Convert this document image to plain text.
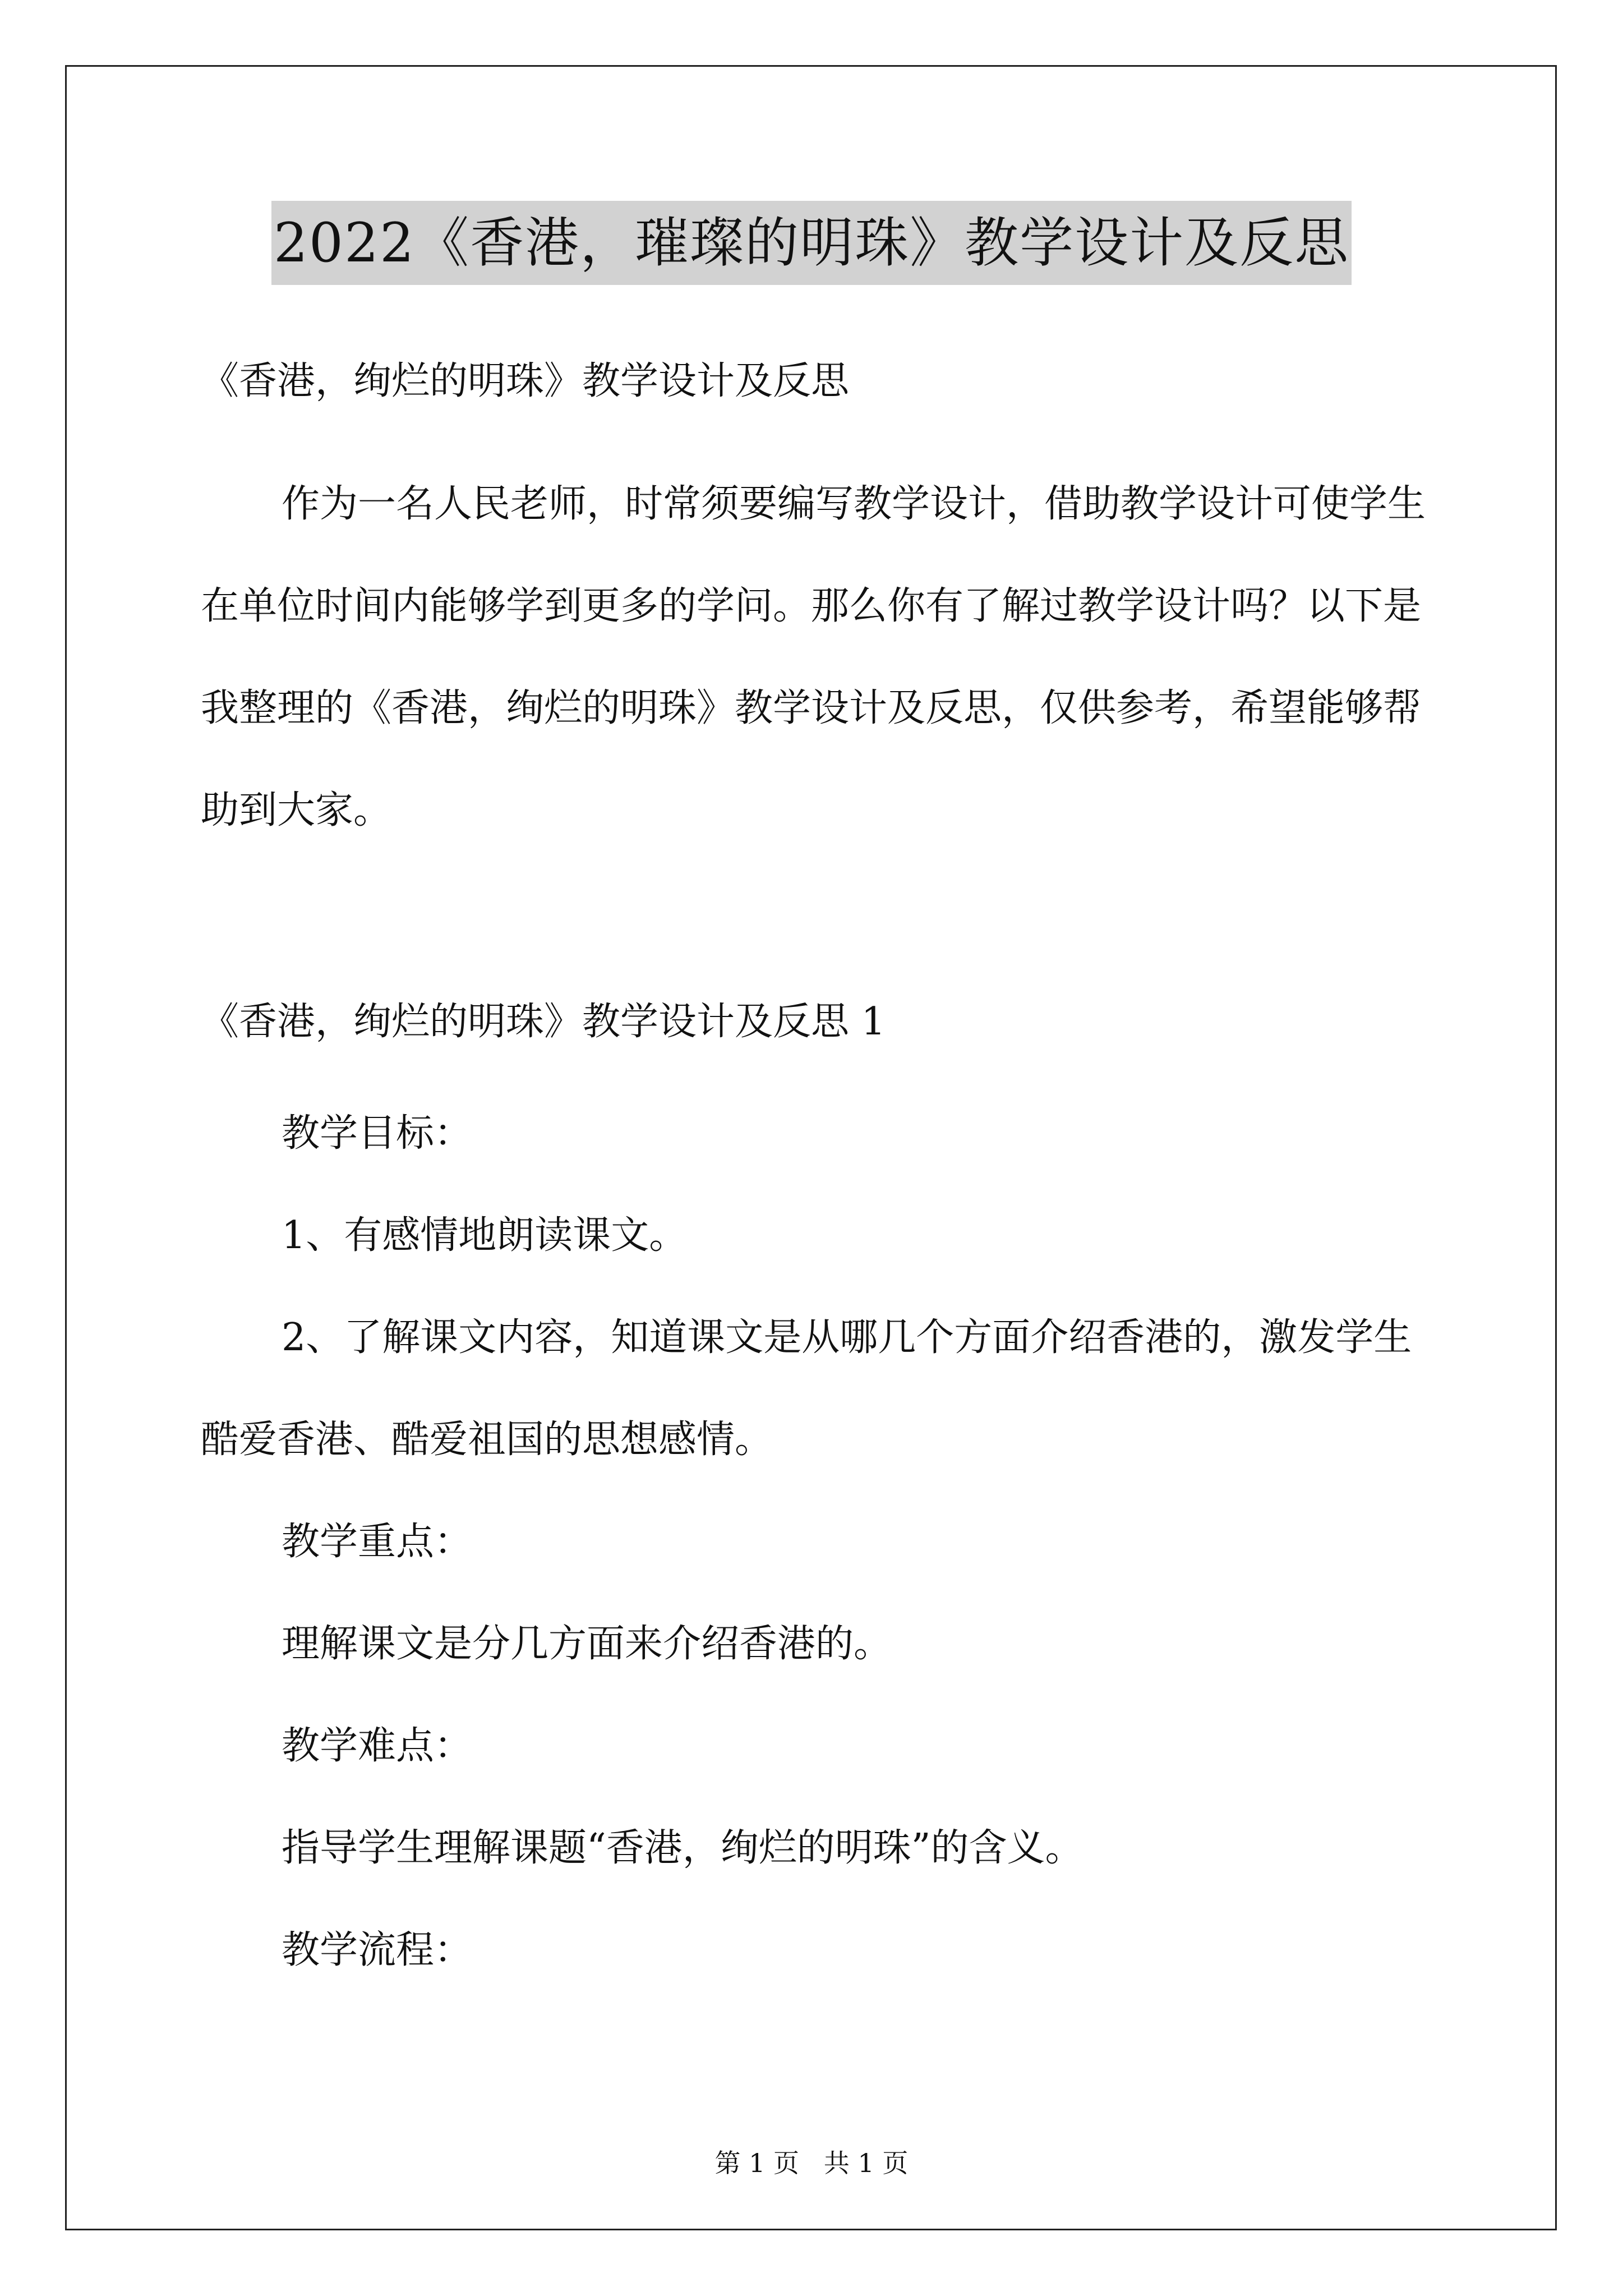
2022《香港，璀璨的明珠》教学设计及反思
《香港，绚烂的明珠》教学设计及反思

作为一名人民老师，时常须要编写教学设计，借助教学设计可使学生在单位时间内能够学到更多的学问。那么你有了解过教学设计吗？以下是我整理的《香港，绚烂的明珠》教学设计及反思，仅供参考，希望能够帮助到大家。

《香港，绚烂的明珠》教学设计及反思 1

教学目标：

1、有感情地朗读课文。

2、了解课文内容，知道课文是从哪几个方面介绍香港的，激发学生酷爱香港、酷爱祖国的思想感情。

教学重点：

理解课文是分几方面来介绍香港的。

教学难点：

指导学生理解课题“香港，绚烂的明珠”的含义。

教学流程：

第 1 页   共 1 页
